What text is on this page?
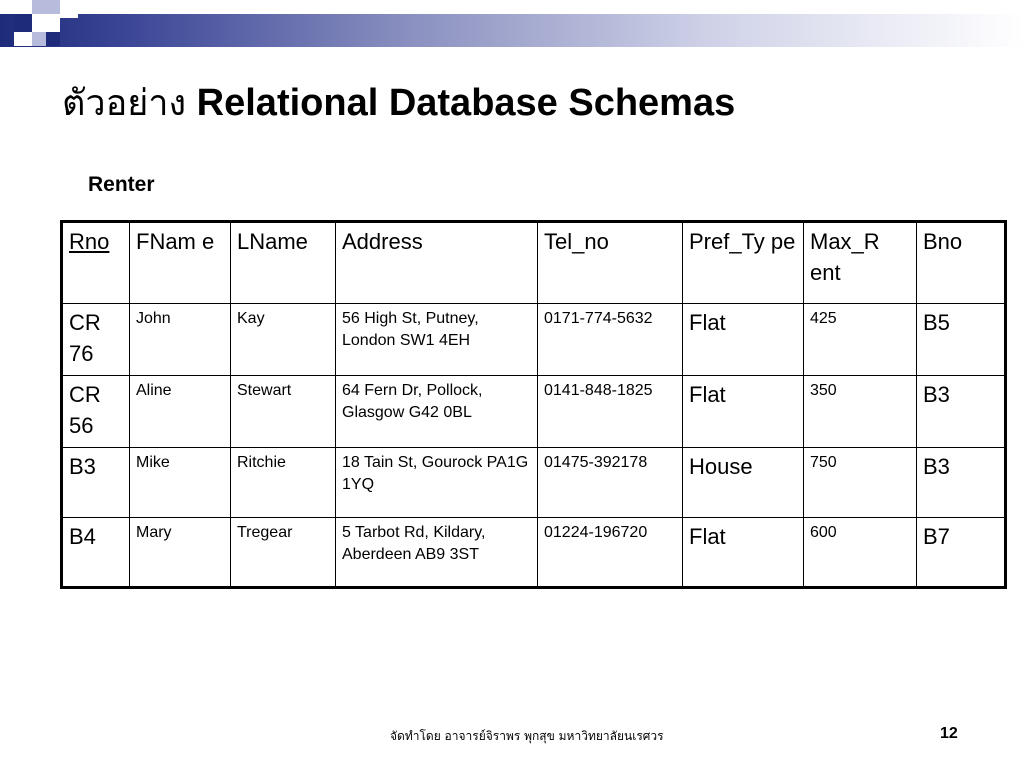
ตัวอย่าง Relational Database Schemas
Renter
Rno	FNam e	LName	Address	Tel_no	Pref_Ty pe	Max_R ent	Bno
CR 76	John	Kay	56 High St, Putney, London SW1 4EH	0171-774-5632	Flat	425	B5
CR 56	Aline	Stewart	64 Fern Dr, Pollock, Glasgow G42 0BL	0141-848-1825	Flat	350	B3
B3	Mike	Ritchie	18 Tain St, Gourock PA1G 1YQ	01475-392178	House	750	B3
B4	Mary	Tregear	5 Tarbot Rd, Kildary, Aberdeen AB9 3ST	01224-196720	Flat	600	B7
จัดทำโดย อาจารย์จิราพร พุกสุข มหาวิทยาลัยนเรศวร	12
